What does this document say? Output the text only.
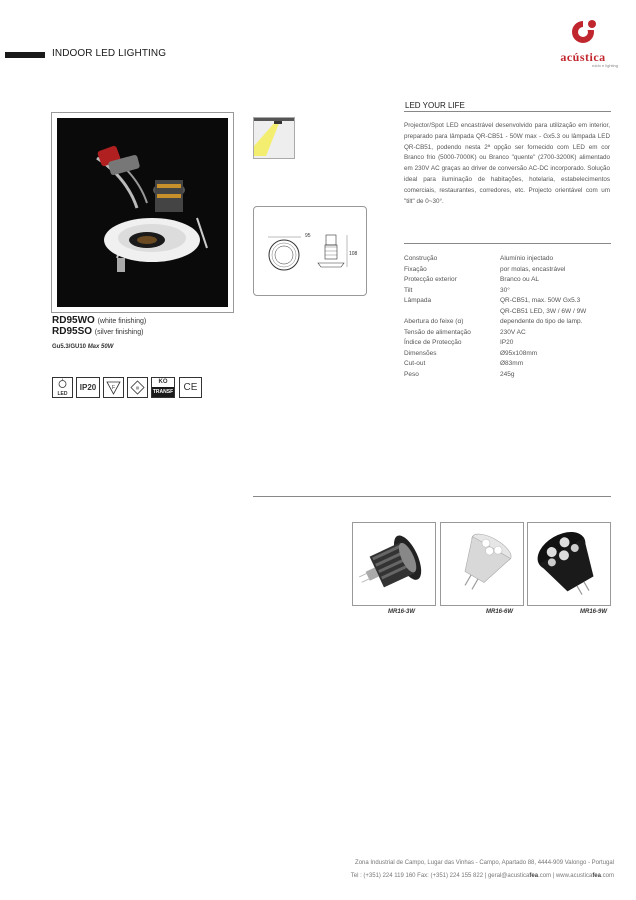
INDOOR LED LIGHTING	acústica
ruido e lighting
RD95WO (white finishing)
RD95SO (silver finishing)
Gu5.3/GU10 Max 50W
LED
IP20	F	III
KO
TRANSF	CE
95
108
LED YOUR LIFE
Projector/Spot LED encastrável desenvolvido para utilização em interior, preparado para lâmpada QR-CB51 - 50W max - Gx5.3 ou lâmpada LED QR-CB51, podendo nesta 2ª opção ser fornecido com LED em cor Branco frio (5000-7000K) ou Branco "quente" (2700-3200K) alimentado em 230V AC graças ao driver de conversão AC-DC incorporado. Solução ideal para iluminação de habitações, hotelaria, estabelecimentos comerciais, restaurantes, corredores, etc. Projecto orientável com um "tilt" de 0~30°.
Construção	Alumínio injectado
Fixação	por molas, encastrável
Protecção exterior	Branco ou AL
Tilt	30°
Lâmpada	QR-CB51, max. 50W Gx5.3
QR-CB51 LED, 3W / 6W / 9W
Abertura do feixe (α)	dependente do tipo de lamp.
Tensão de alimentação	230V AC
Índice de Protecção	IP20
Dimensões	Ø95x108mm
Cut-out	Ø83mm
Peso	245g
MR16-3W	MR16-6W	MR16-9W
Zona Industrial de Campo, Lugar das Vinhas - Campo, Apartado 88, 4444-909 Valongo - Portugal
Tel : (+351) 224 119 160 Fax: (+351) 224 155 822 | geral@acusticafea.com | www.acusticafea.com
